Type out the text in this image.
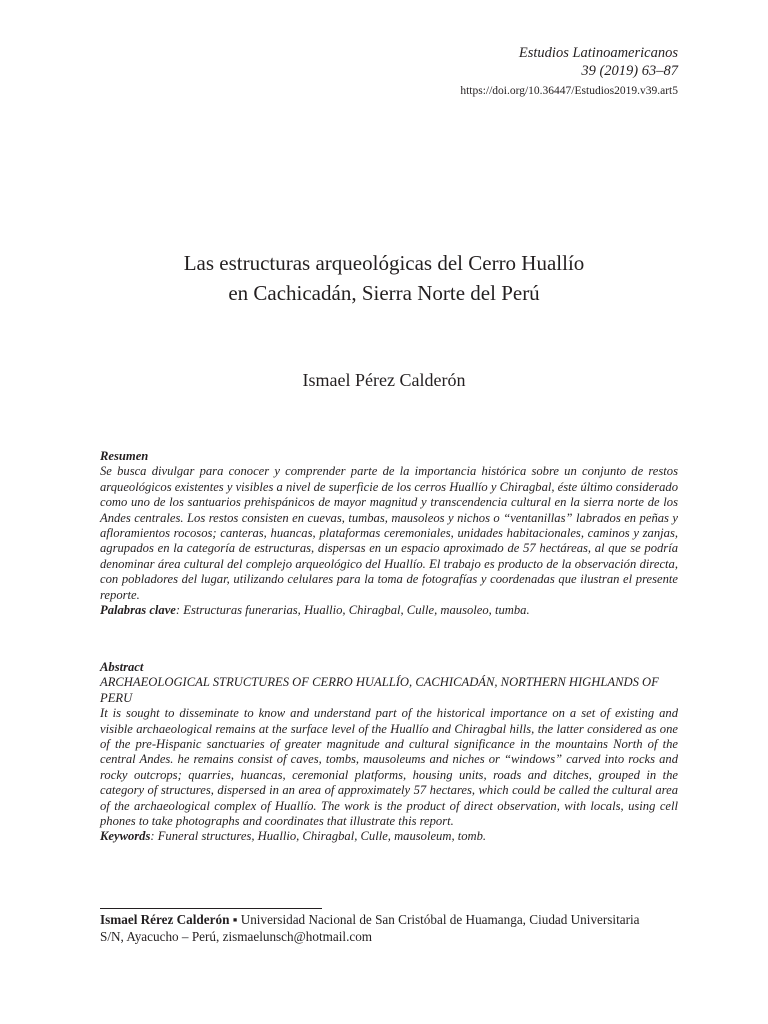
Estudios Latinoamericanos
39 (2019) 63–87
https://doi.org/10.36447/Estudios2019.v39.art5
Las estructuras arqueológicas del Cerro Huallío
en Cachicadán, Sierra Norte del Perú
Ismael Pérez Calderón
Resumen

Se busca divulgar para conocer y comprender parte de la importancia histórica sobre un conjunto de restos arqueológicos existentes y visibles a nivel de superficie de los cerros Huallío y Chiragbal, éste último considerado como uno de los santuarios prehispánicos de mayor magnitud y transcendencia cultural en la sierra norte de los Andes centrales. Los restos consisten en cuevas, tumbas, mausoleos y nichos o “ventanillas” labrados en peñas y afloramientos rocosos; canteras, huancas, plataformas ceremoniales, unidades habitacionales, caminos y zanjas, agrupados en la categoría de estructuras, dispersas en un espacio aproximado de 57 hectáreas, al que se podría denominar área cultural del complejo arqueológico del Huallío. El trabajo es producto de la observación directa, con pobladores del lugar, utilizando celulares para la toma de fotografías y coordenadas que ilustran el presente reporte.

Palabras clave: Estructuras funerarias, Huallio, Chiragbal, Culle, mausoleo, tumba.

Abstract

ARCHAEOLOGICAL STRUCTURES OF CERRO HUALLÍO, CACHICADÁN, NORTHERN HIGHLANDS OF PERU

It is sought to disseminate to know and understand part of the historical importance on a set of existing and visible archaeological remains at the surface level of the Huallío and Chiragbal hills, the latter considered as one of the pre-Hispanic sanctuaries of greater magnitude and cultural significance in the mountains North of the central Andes. he remains consist of caves, tombs, mausoleums and niches or “windows” carved into rocks and rocky outcrops; quarries, huancas, ceremonial platforms, housing units, roads and ditches, grouped in the category of structures, dispersed in an area of approximately 57 hectares, which could be called the cultural area of the archaeological complex of Huallío. The work is the product of direct observation, with locals, using cell phones to take photographs and coordinates that illustrate this report.

Keywords: Funeral structures, Huallio, Chiragbal, Culle, mausoleum, tomb.

Ismael Rérez Calderón ▪ Universidad Nacional de San Cristóbal de Huamanga, Ciudad Universitaria S/N, Ayacucho – Perú, zismaelunsch@hotmail.com
